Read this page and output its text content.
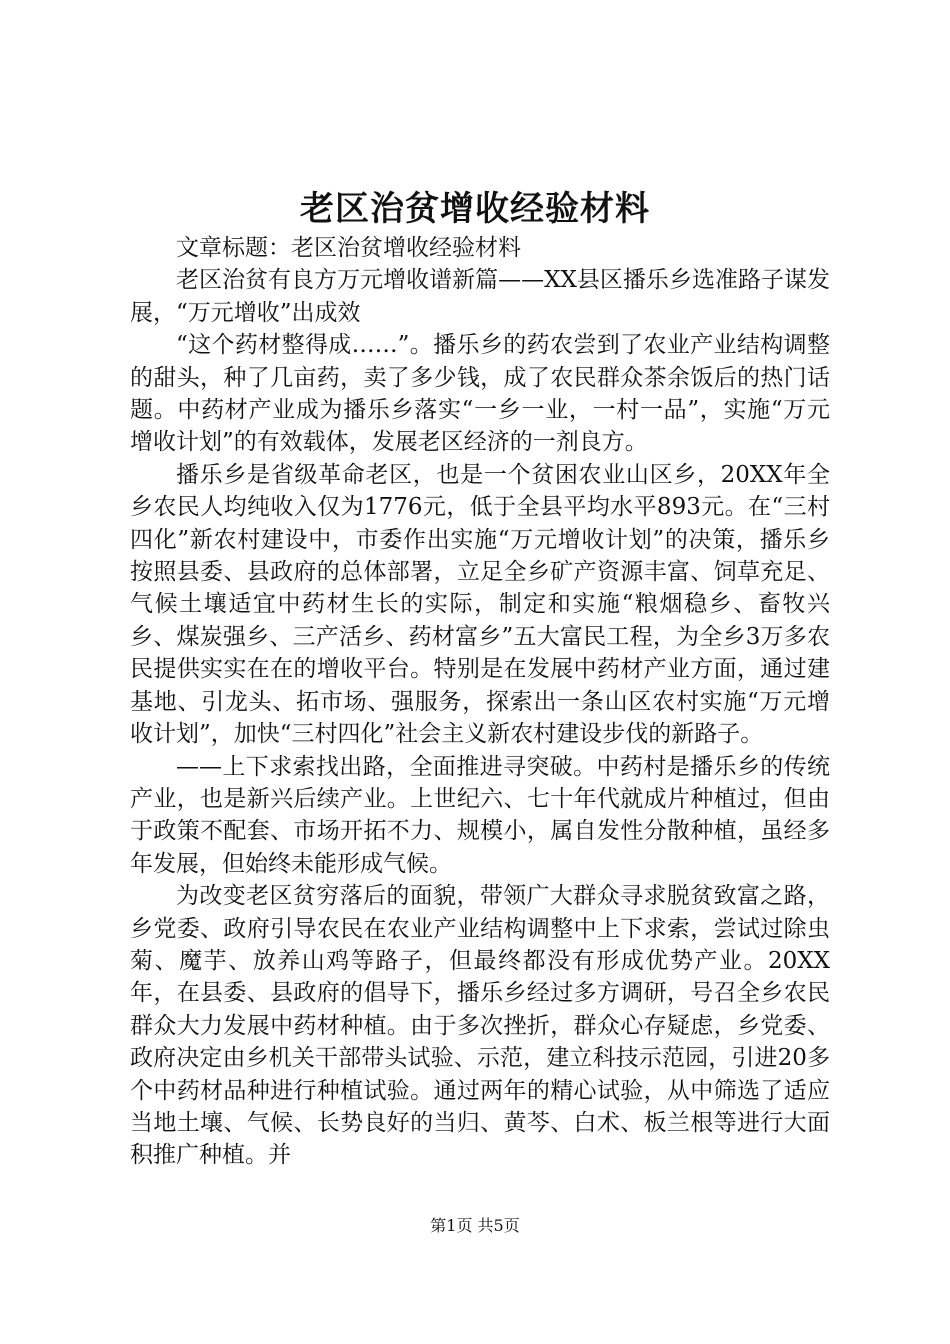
老区治贫增收经验材料

文章标题：老区治贫增收经验材料

老区治贫有良方万元增收谱新篇——XX县区播乐乡选准路子谋发展，“万元增收”出成效

“这个药材整得成……”。播乐乡的药农尝到了农业产业结构调整的甜头，种了几亩药，卖了多少钱，成了农民群众茶余饭后的热门话题。中药材产业成为播乐乡落实“一乡一业，一村一品”，实施“万元增收计划”的有效载体，发展老区经济的一剂良方。

播乐乡是省级革命老区，也是一个贫困农业山区乡，20XX年全乡农民人均纯收入仅为1776元，低于全县平均水平893元。在“三村四化”新农村建设中，市委作出实施“万元增收计划”的决策，播乐乡按照县委、县政府的总体部署，立足全乡矿产资源丰富、饲草充足、气候土壤适宜中药材生长的实际，制定和实施“粮烟稳乡、畜牧兴乡、煤炭强乡、三产活乡、药材富乡”五大富民工程，为全乡3万多农民提供实实在在的增收平台。特别是在发展中药材产业方面，通过建基地、引龙头、拓市场、强服务，探索出一条山区农村实施“万元增收计划”，加快“三村四化”社会主义新农村建设步伐的新路子。

——上下求索找出路，全面推进寻突破。中药村是播乐乡的传统产业，也是新兴后续产业。上世纪六、七十年代就成片种植过，但由于政策不配套、市场开拓不力、规模小，属自发性分散种植，虽经多年发展，但始终未能形成气候。

为改变老区贫穷落后的面貌，带领广大群众寻求脱贫致富之路，乡党委、政府引导农民在农业产业结构调整中上下求索，尝试过除虫菊、魔芋、放养山鸡等路子，但最终都没有形成优势产业。20XX年，在县委、县政府的倡导下，播乐乡经过多方调研，号召全乡农民群众大力发展中药材种植。由于多次挫折，群众心存疑虑，乡党委、政府决定由乡机关干部带头试验、示范，建立科技示范园，引进20多个中药材品种进行种植试验。通过两年的精心试验，从中筛选了适应当地土壤、气候、长势良好的当归、黄芩、白术、板兰根等进行大面积推广种植。并

第1页 共5页
